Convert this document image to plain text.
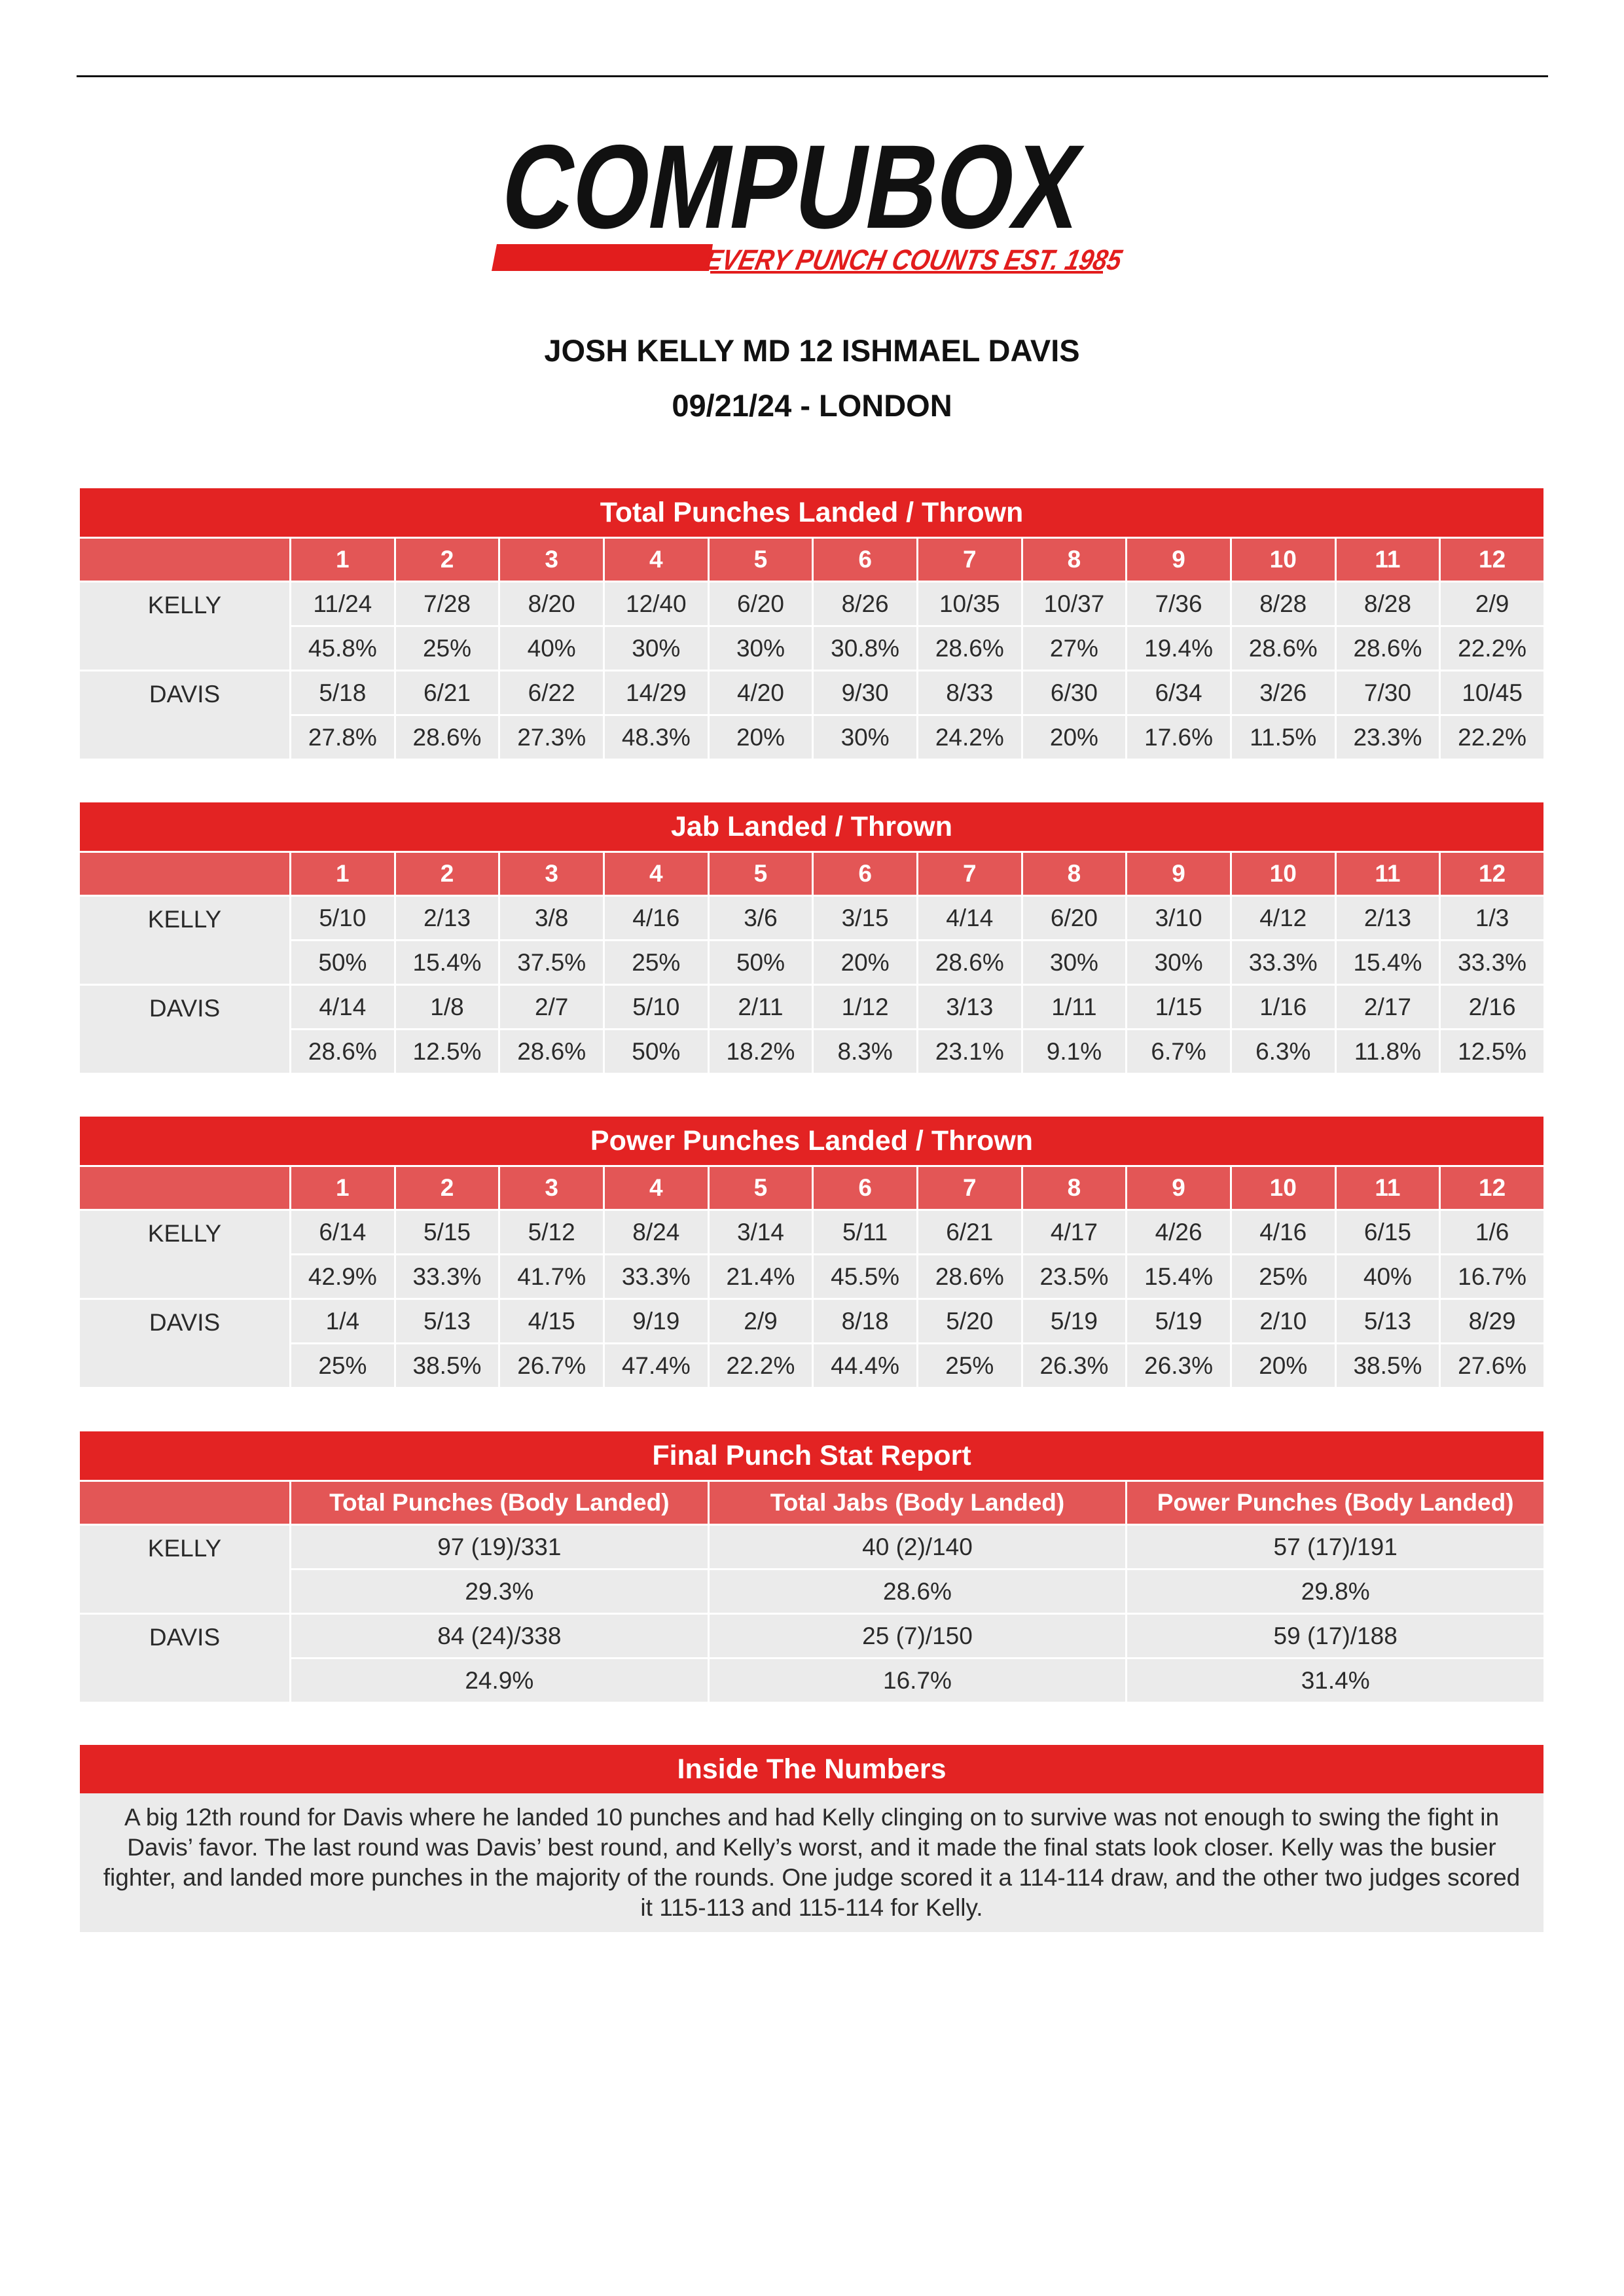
COMPUBOX
EVERY PUNCH COUNTS EST. 1985
JOSH KELLY MD 12 ISHMAEL DAVIS
09/21/24 - LONDON
Total Punches Landed / Thrown
	1	2	3	4	5	6	7	8	9	10	11	12
KELLY	11/24	7/28	8/20	12/40	6/20	8/26	10/35	10/37	7/36	8/28	8/28	2/9
	45.8%	25%	40%	30%	30%	30.8%	28.6%	27%	19.4%	28.6%	28.6%	22.2%
DAVIS	5/18	6/21	6/22	14/29	4/20	9/30	8/33	6/30	6/34	3/26	7/30	10/45
	27.8%	28.6%	27.3%	48.3%	20%	30%	24.2%	20%	17.6%	11.5%	23.3%	22.2%
Jab Landed / Thrown
	1	2	3	4	5	6	7	8	9	10	11	12
KELLY	5/10	2/13	3/8	4/16	3/6	3/15	4/14	6/20	3/10	4/12	2/13	1/3
	50%	15.4%	37.5%	25%	50%	20%	28.6%	30%	30%	33.3%	15.4%	33.3%
DAVIS	4/14	1/8	2/7	5/10	2/11	1/12	3/13	1/11	1/15	1/16	2/17	2/16
	28.6%	12.5%	28.6%	50%	18.2%	8.3%	23.1%	9.1%	6.7%	6.3%	11.8%	12.5%
Power Punches Landed / Thrown
	1	2	3	4	5	6	7	8	9	10	11	12
KELLY	6/14	5/15	5/12	8/24	3/14	5/11	6/21	4/17	4/26	4/16	6/15	1/6
	42.9%	33.3%	41.7%	33.3%	21.4%	45.5%	28.6%	23.5%	15.4%	25%	40%	16.7%
DAVIS	1/4	5/13	4/15	9/19	2/9	8/18	5/20	5/19	5/19	2/10	5/13	8/29
	25%	38.5%	26.7%	47.4%	22.2%	44.4%	25%	26.3%	26.3%	20%	38.5%	27.6%
Final Punch Stat Report
	Total Punches (Body Landed)	Total Jabs (Body Landed)	Power Punches (Body Landed)
KELLY	97 (19)/331	40 (2)/140	57 (17)/191
	29.3%	28.6%	29.8%
DAVIS	84 (24)/338	25 (7)/150	59 (17)/188
	24.9%	16.7%	31.4%
Inside The Numbers
A big 12th round for Davis where he landed 10 punches and had Kelly clinging on to survive was not enough to swing the fight in
Davis’ favor. The last round was Davis’ best round, and Kelly’s worst, and it made the final stats look closer. Kelly was the busier
fighter, and landed more punches in the majority of the rounds. One judge scored it a 114-114 draw, and the other two judges scored
it 115-113 and 115-114 for Kelly.
